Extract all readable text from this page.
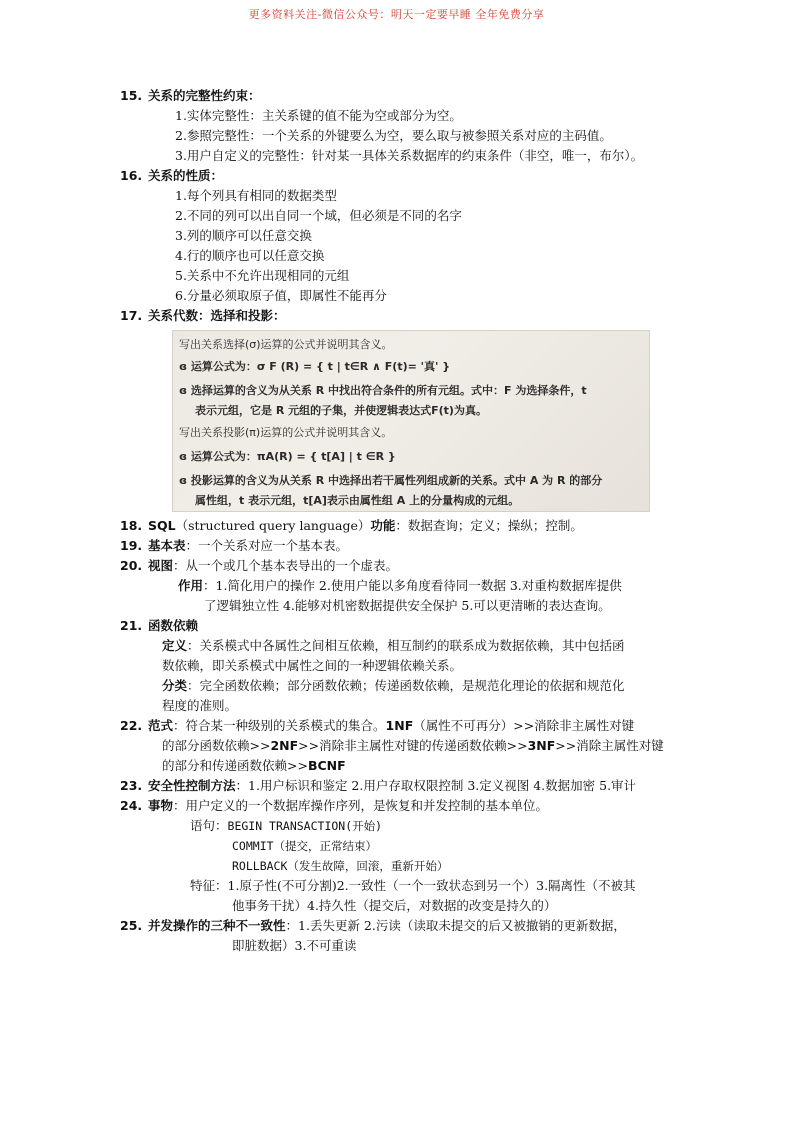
更多资料关注-微信公众号：明天一定要早睡 全年免费分享
15. 关系的完整性约束：
1.实体完整性：主关系键的值不能为空或部分为空。
2.参照完整性：一个关系的外键要么为空，要么取与被参照关系对应的主码值。
3.用户自定义的完整性：针对某一具体关系数据库的约束条件（非空，唯一，布尔）。
16. 关系的性质：
1.每个列具有相同的数据类型
2.不同的列可以出自同一个域，但必须是不同的名字
3.列的顺序可以任意交换
4.行的顺序也可以任意交换
5.关系中不允许出现相同的元组
6.分量必须取原子值，即属性不能再分
17. 关系代数：选择和投影：
写出关系选择(σ)运算的公式并说明其含义。
ɞ 运算公式为：σ F (R) = { t | t∈R ∧ F(t)= '真' }
ɞ 选择运算的含义为从关系 R 中找出符合条件的所有元组。式中：F 为选择条件，t
表示元组，它是 R 元组的子集，并使逻辑表达式F(t)为真。
写出关系投影(π)运算的公式并说明其含义。
ɞ 运算公式为：πA(R) = { t[A] | t ∈R }
ɞ 投影运算的含义为从关系 R 中选择出若干属性列组成新的关系。式中 A 为 R 的部分
属性组，t 表示元组，t[A]表示由属性组 A 上的分量构成的元组。
18. SQL（structured query language）功能：数据查询；定义；操纵；控制。
19. 基本表：一个关系对应一个基本表。
20. 视图：从一个或几个基本表导出的一个虚表。
作用：1.简化用户的操作 2.使用户能以多角度看待同一数据 3.对重构数据库提供
了逻辑独立性 4.能够对机密数据提供安全保护 5.可以更清晰的表达查询。
21. 函数依赖
定义：关系模式中各属性之间相互依赖，相互制约的联系成为数据依赖，其中包括函
数依赖，即关系模式中属性之间的一种逻辑依赖关系。
分类：完全函数依赖；部分函数依赖；传递函数依赖，是规范化理论的依据和规范化
程度的准则。
22. 范式：符合某一种级别的关系模式的集合。1NF（属性不可再分）>>消除非主属性对键
的部分函数依赖>>2NF>>消除非主属性对键的传递函数依赖>>3NF>>消除主属性对键
的部分和传递函数依赖>>BCNF
23. 安全性控制方法：1.用户标识和鉴定 2.用户存取权限控制 3.定义视图 4.数据加密 5.审计
24. 事物：用户定义的一个数据库操作序列，是恢复和并发控制的基本单位。
语句：BEGIN TRANSACTION(开始)
COMMIT（提交，正常结束）
ROLLBACK（发生故障，回滚，重新开始）
特征：1.原子性(不可分割)2.一致性（一个一致状态到另一个）3.隔离性（不被其
他事务干扰）4.持久性（提交后，对数据的改变是持久的）
25. 并发操作的三种不一致性：1.丢失更新 2.污读（读取未提交的后又被撤销的更新数据，
即脏数据）3.不可重读
